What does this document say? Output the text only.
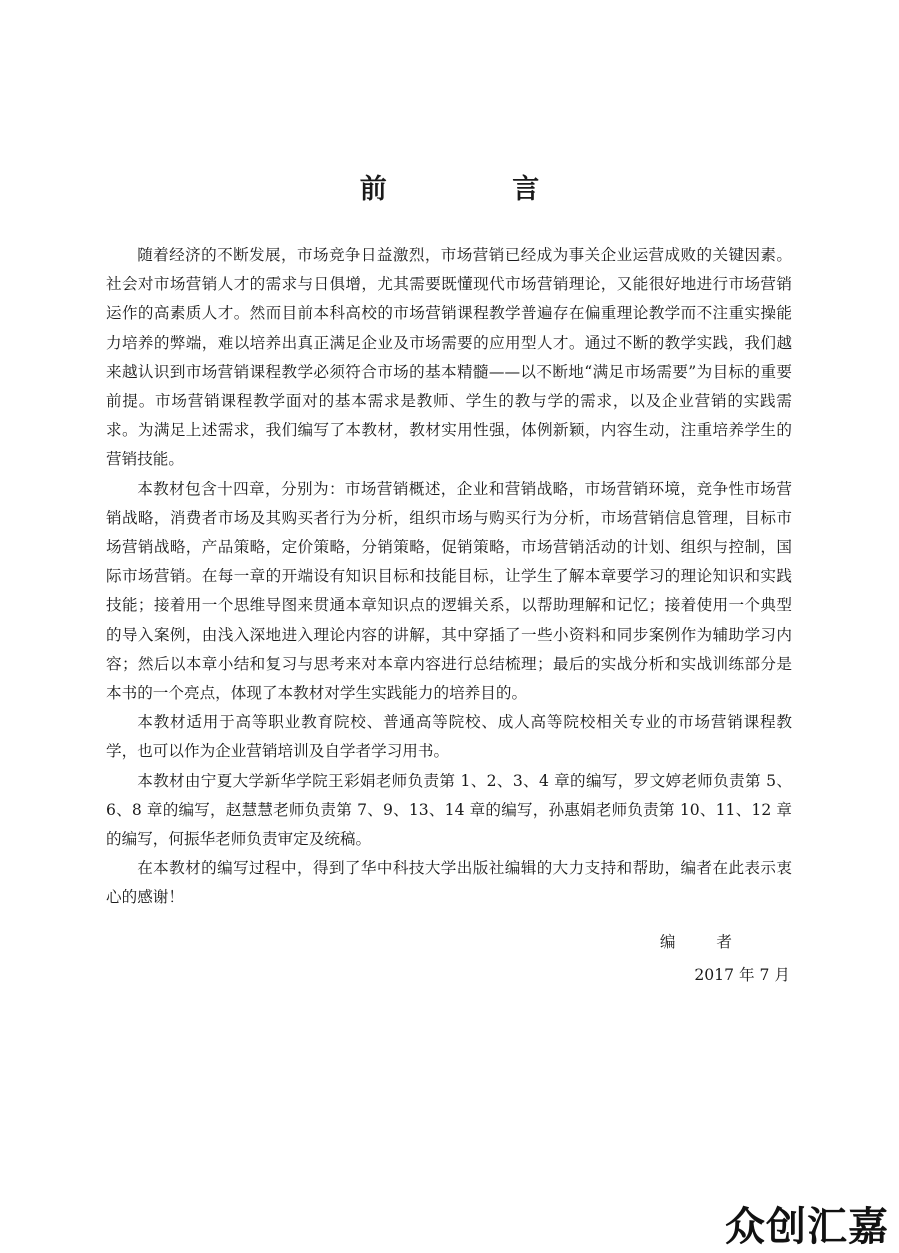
前 言

随着经济的不断发展，市场竞争日益激烈，市场营销已经成为事关企业运营成败的关键因素。社会对市场营销人才的需求与日俱增，尤其需要既懂现代市场营销理论，又能很好地进行市场营销运作的高素质人才。然而目前本科高校的市场营销课程教学普遍存在偏重理论教学而不注重实操能力培养的弊端，难以培养出真正满足企业及市场需要的应用型人才。通过不断的教学实践，我们越来越认识到市场营销课程教学必须符合市场的基本精髓——以不断地“满足市场需要”为目标的重要前提。市场营销课程教学面对的基本需求是教师、学生的教与学的需求，以及企业营销的实践需求。为满足上述需求，我们编写了本教材，教材实用性强，体例新颖，内容生动，注重培养学生的营销技能。

本教材包含十四章，分别为：市场营销概述，企业和营销战略，市场营销环境，竞争性市场营销战略，消费者市场及其购买者行为分析，组织市场与购买行为分析，市场营销信息管理，目标市场营销战略，产品策略，定价策略，分销策略，促销策略，市场营销活动的计划、组织与控制，国际市场营销。在每一章的开端设有知识目标和技能目标，让学生了解本章要学习的理论知识和实践技能；接着用一个思维导图来贯通本章知识点的逻辑关系，以帮助理解和记忆；接着使用一个典型的导入案例，由浅入深地进入理论内容的讲解，其中穿插了一些小资料和同步案例作为辅助学习内容；然后以本章小结和复习与思考来对本章内容进行总结梳理；最后的实战分析和实战训练部分是本书的一个亮点，体现了本教材对学生实践能力的培养目的。

本教材适用于高等职业教育院校、普通高等院校、成人高等院校相关专业的市场营销课程教学，也可以作为企业营销培训及自学者学习用书。

本教材由宁夏大学新华学院王彩娟老师负责第 1、2、3、4 章的编写，罗文婷老师负责第 5、6、8 章的编写，赵慧慧老师负责第 7、9、13、14 章的编写，孙惠娟老师负责第 10、11、12 章的编写，何振华老师负责审定及统稿。

在本教材的编写过程中，得到了华中科技大学出版社编辑的大力支持和帮助，编者在此表示衷心的感谢！

编 者

2017 年 7 月

众创汇嘉
